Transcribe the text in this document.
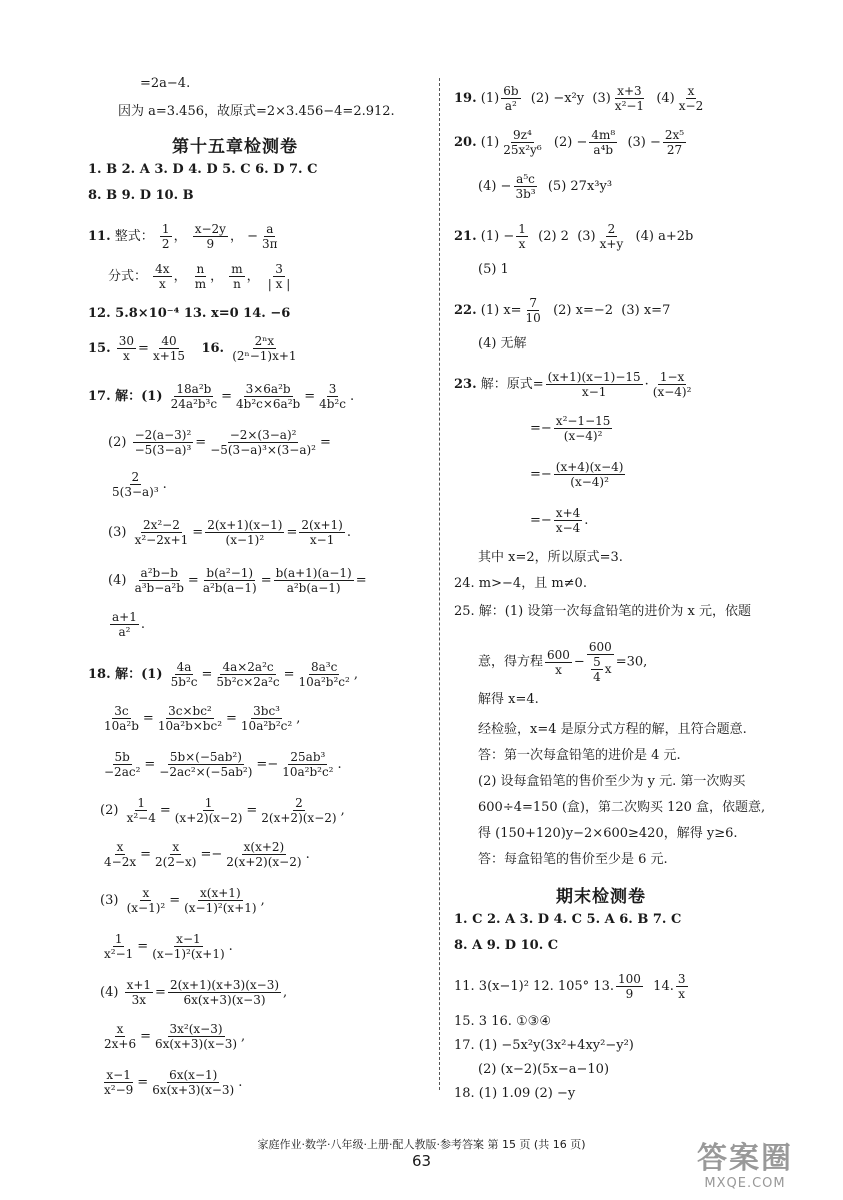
=2a−4.
因为 a=3.456，故原式=2×3.456−4=2.912.
第十五章检测卷
1. B 2. A 3. D 4. D 5. C 6. D 7. C
8. B 9. D 10. B
11. 整式： $\frac{1}{2}$ ， $\frac{x-2y}{9}$ ， − $\frac{a}{3\pi}$
分式： $\frac{4x}{x}$ ， $\frac{n}{m}$ ， $\frac{m}{n}$ ， $\frac{3}{| x |}$
12. 5.8×10⁻⁴ 13. x=0 14. −6
15. $\frac{30}{x} = \frac{40}{x+15} 16$. $\frac{\text{2ⁿx}}{\text{(2ⁿ−1)x+1}}$
17. 解：$(1) \frac{\text{18a²b}}{\text{24a²b³c}} = \frac{\text{3×6a²b}}{\text{4b²c×6a²b}} = \frac{3}{\text{4b²c}}$ .
$(2) \frac{\text{−2(a−3)²}}{\text{−5(3−a)³}} = \frac{\text{−2×(3−a)²}}{\text{−5(3−a)³×(3−a)²}}$ =
$\frac{2}{\text{5(3−a)³}}$ .
$(3) \frac{\text{2x²−2}}{\text{x²−2x+1}} = \frac{2(x+1)(x-1)}{\text{(x−1)²}} = \frac{2(x+1)}{x-1}$ .
$(4) \frac{\text{a²b−b}}{\text{a³b−a²b}} = \frac{\text{b(a²−1)}}{\text{a²b(a−1)}} = \frac{b(a+1)(a-1)}{\text{a²b(a−1)}}$ =
$\frac{a+1}{\text{a²}}$ .
18. 解：$(1) \frac{4a}{\text{5b²c}} = \frac{\text{4a×2a²c}}{\text{5b²c×2a²c}} = \frac{\text{8a³c}}{\text{10a²b²c²}}$ ,
$\frac{3c}{\text{10a²b}} = \frac{\text{3c×bc²}}{\text{10a²b×bc²}} = \frac{\text{3bc³}}{\text{10a²b²c²}}$ ,
$\frac{5b}{\text{−2ac²}} = \frac{\text{5b×(−5ab²)}}{\text{−2ac²×(−5ab²)}} =- \frac{\text{25ab³}}{\text{10a²b²c²}}$ .
$(2) \frac{1}{\text{x²−4}} = \frac{1}{(x+2)(x-2)} = \frac{2}{2(x+2)(x-2)}$ ,
$\frac{x}{4-2x} = \frac{x}{2(2-x)} =- \frac{x(x+2)}{2(x+2)(x-2)}$ .
$(3) \frac{x}{\text{(x−1)²}} = \frac{x(x+1)}{\text{(x−1)²(x+1)}}$ ,
$\frac{1}{\text{x²−1}} = \frac{x-1}{\text{(x−1)²(x+1)}}$ .
$(4) \frac{x+1}{3x} = \frac{2(x+1)(x+3)(x-3)}{6x(x+3)(x-3)}$ ,
$\frac{x}{2x+6} = \frac{\text{3x²(x−3)}}{6x(x+3)(x-3)}$ ,
$\frac{x-1}{\text{x²−9}} = \frac{6x(x-1)}{6x(x+3)(x-3)}$ .
19. $(1) \frac{6b}{\text{a²}} (2) -x^2y$ $(3) \frac{x+3}{\text{x²−1}} (4) \frac{x}{x-2}$
20. $(1) \frac{\text{9z⁴}}{\text{25x²y⁶}} (2) - \frac{\text{4m⁸}}{\text{a⁴b}} (3) - \frac{\text{2x⁵}}{27}$
$(4) - \frac{\text{a⁵c}}{\text{3b³}} (5)$ 27x³y³
21. $(1) - \frac{1}{x} (2)$ 2 $(3) \frac{2}{x+y} (4)$ a+2b
(5) 1
22. (1) $x= \frac{7}{10} (2)$ x=−2 (3) x=7
(4) 无解
23. 解：原式= $\frac{(x+1)(x-1)-15}{x-1} \cdot \frac{1-x}{\text{(x−4)²}}$
=− $\frac{\text{x²−1−15}}{\text{(x−4)²}}$
=− $\frac{(x+4)(x-4)}{\text{(x−4)²}}$
=− $\frac{x+4}{x-4}$ .
其中 x=2，所以原式=3.
24. m>−4，且 m≠0.
25. 解：(1) 设第一次每盒铅笔的进价为 x 元，依题
意，得方程 $\frac{600}{x} - \frac{600}{\frac{5}{4} x} =30$,
解得 x=4.
经检验，x=4 是原分式方程的解，且符合题意.
答：第一次每盒铅笔的进价是 4 元.
(2) 设每盒铅笔的售价至少为 y 元. 第一次购买
600÷4=150 (盒)，第二次购买 120 盒，依题意,
得 (150+120)y−2×600≥420，解得 y≥6.
答：每盒铅笔的售价至少是 6 元.
期末检测卷
1. C 2. A 3. D 4. C 5. A 6. B 7. C
8. A 9. D 10. C
11. 3(x−1)² 12. 105° 13. $\frac{100}{9} 14$. $\frac{3}{x}$
15. 3 16. ①③④
17. (1) −5x²y(3x²+4xy²−y²)
(2) (x−2)(5x−a−10)
18. (1) 1.09 (2) −y
家庭作业·数学·八年级·上册·配人教版·参考答案 第 15 页 (共 16 页)
63	答案圈
MXQE.COM
